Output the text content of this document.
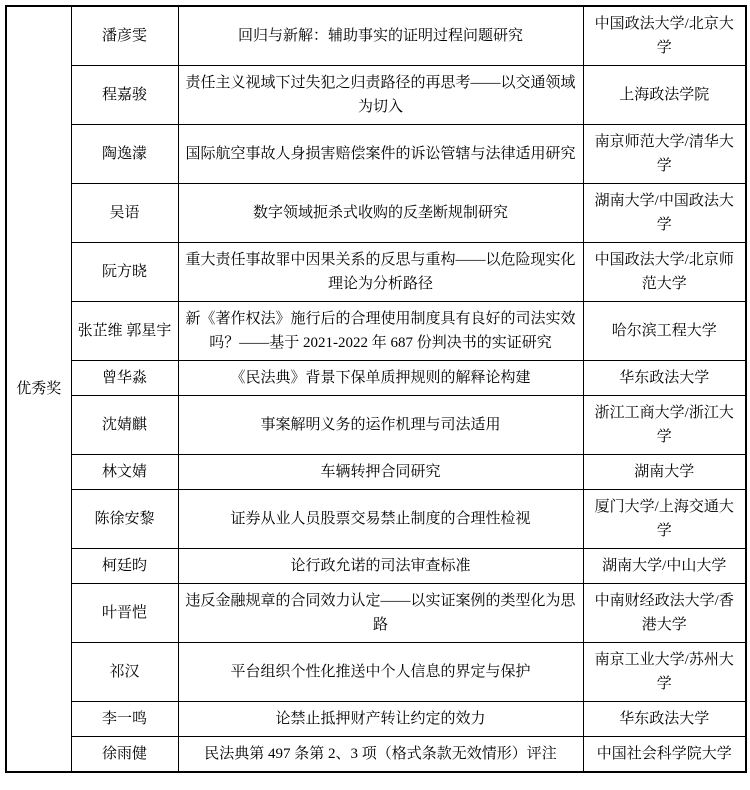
优秀奖	潘彦雯	回归与新解：辅助事实的证明过程问题研究	中国政法大学/北京大学
	程嘉骏	责任主义视域下过失犯之归责路径的再思考——以交通领域为切入	上海政法学院
	陶逸濛	国际航空事故人身损害赔偿案件的诉讼管辖与法律适用研究	南京师范大学/清华大学
	吴语	数字领域扼杀式收购的反垄断规制研究	湖南大学/中国政法大学
	阮方晓	重大责任事故罪中因果关系的反思与重构——以危险现实化理论为分析路径	中国政法大学/北京师范大学
	张芷维 郭星宇	新《著作权法》施行后的合理使用制度具有良好的司法实效吗？——基于 2021-2022 年 687 份判决书的实证研究	哈尔滨工程大学
	曾华淼	《民法典》背景下保单质押规则的解释论构建	华东政法大学
	沈婧麒	事案解明义务的运作机理与司法适用	浙江工商大学/浙江大学
	林文婧	车辆转押合同研究	湖南大学
	陈徐安黎	证券从业人员股票交易禁止制度的合理性检视	厦门大学/上海交通大学
	柯廷昀	论行政允诺的司法审查标准	湖南大学/中山大学
	叶晋恺	违反金融规章的合同效力认定——以实证案例的类型化为思路	中南财经政法大学/香港大学
	祁汉	平台组织个性化推送中个人信息的界定与保护	南京工业大学/苏州大学
	李一鸣	论禁止抵押财产转让约定的效力	华东政法大学
	徐雨健	民法典第 497 条第 2、3 项（格式条款无效情形）评注	中国社会科学院大学
